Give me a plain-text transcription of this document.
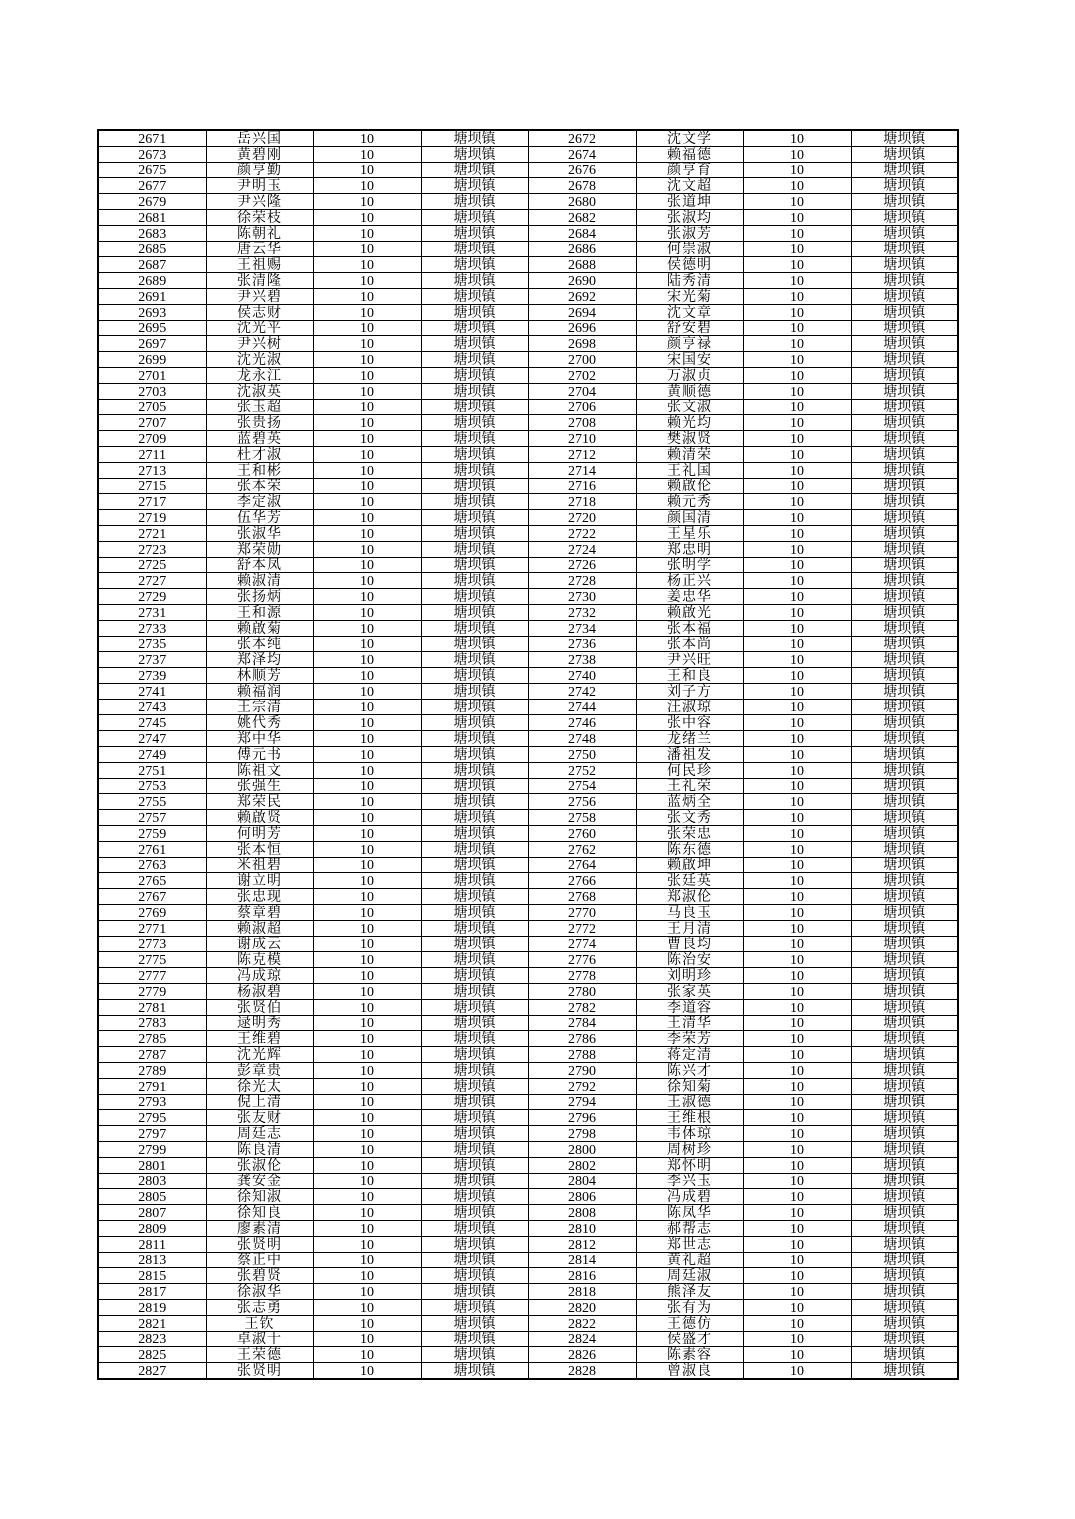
2671	岳兴国	10	塘坝镇	2672	沈文学	10	塘坝镇
2673	黄碧刚	10	塘坝镇	2674	赖福德	10	塘坝镇
2675	颜亨勤	10	塘坝镇	2676	颜亨育	10	塘坝镇
2677	尹明玉	10	塘坝镇	2678	沈文超	10	塘坝镇
2679	尹兴隆	10	塘坝镇	2680	张道坤	10	塘坝镇
2681	徐荣枝	10	塘坝镇	2682	张淑均	10	塘坝镇
2683	陈朝礼	10	塘坝镇	2684	张淑芳	10	塘坝镇
2685	唐云华	10	塘坝镇	2686	何崇淑	10	塘坝镇
2687	王祖赐	10	塘坝镇	2688	侯德明	10	塘坝镇
2689	张清隆	10	塘坝镇	2690	陆秀清	10	塘坝镇
2691	尹兴碧	10	塘坝镇	2692	宋光菊	10	塘坝镇
2693	侯志财	10	塘坝镇	2694	沈文章	10	塘坝镇
2695	沈光平	10	塘坝镇	2696	舒安碧	10	塘坝镇
2697	尹兴树	10	塘坝镇	2698	颜亨禄	10	塘坝镇
2699	沈光淑	10	塘坝镇	2700	宋国安	10	塘坝镇
2701	龙永江	10	塘坝镇	2702	万淑贞	10	塘坝镇
2703	沈淑英	10	塘坝镇	2704	黄顺德	10	塘坝镇
2705	张玉超	10	塘坝镇	2706	张文淑	10	塘坝镇
2707	张贵扬	10	塘坝镇	2708	赖光均	10	塘坝镇
2709	蓝碧英	10	塘坝镇	2710	樊淑贤	10	塘坝镇
2711	杜才淑	10	塘坝镇	2712	赖清荣	10	塘坝镇
2713	王和彬	10	塘坝镇	2714	王礼国	10	塘坝镇
2715	张本荣	10	塘坝镇	2716	赖啟伦	10	塘坝镇
2717	李定淑	10	塘坝镇	2718	赖元秀	10	塘坝镇
2719	伍华芳	10	塘坝镇	2720	颜国清	10	塘坝镇
2721	张淑华	10	塘坝镇	2722	王星乐	10	塘坝镇
2723	郑荣勋	10	塘坝镇	2724	郑忠明	10	塘坝镇
2725	舒本凤	10	塘坝镇	2726	张明学	10	塘坝镇
2727	赖淑清	10	塘坝镇	2728	杨正兴	10	塘坝镇
2729	张扬炳	10	塘坝镇	2730	姜忠华	10	塘坝镇
2731	王和源	10	塘坝镇	2732	赖啟光	10	塘坝镇
2733	赖啟菊	10	塘坝镇	2734	张本福	10	塘坝镇
2735	张本纯	10	塘坝镇	2736	张本尚	10	塘坝镇
2737	郑泽均	10	塘坝镇	2738	尹兴旺	10	塘坝镇
2739	林顺芳	10	塘坝镇	2740	王和良	10	塘坝镇
2741	赖福润	10	塘坝镇	2742	刘子方	10	塘坝镇
2743	王宗清	10	塘坝镇	2744	汪淑琼	10	塘坝镇
2745	姚代秀	10	塘坝镇	2746	张中容	10	塘坝镇
2747	郑中华	10	塘坝镇	2748	龙绪兰	10	塘坝镇
2749	傅元书	10	塘坝镇	2750	潘祖发	10	塘坝镇
2751	陈祖文	10	塘坝镇	2752	何民珍	10	塘坝镇
2753	张强生	10	塘坝镇	2754	王礼荣	10	塘坝镇
2755	郑荣民	10	塘坝镇	2756	蓝炳全	10	塘坝镇
2757	赖啟贤	10	塘坝镇	2758	张文秀	10	塘坝镇
2759	何明芳	10	塘坝镇	2760	张荣忠	10	塘坝镇
2761	张本恒	10	塘坝镇	2762	陈东德	10	塘坝镇
2763	米祖碧	10	塘坝镇	2764	赖啟坤	10	塘坝镇
2765	谢立明	10	塘坝镇	2766	张廷英	10	塘坝镇
2767	张忠现	10	塘坝镇	2768	郑淑伦	10	塘坝镇
2769	蔡章碧	10	塘坝镇	2770	马良玉	10	塘坝镇
2771	赖淑超	10	塘坝镇	2772	王月清	10	塘坝镇
2773	谢成云	10	塘坝镇	2774	曹良均	10	塘坝镇
2775	陈克模	10	塘坝镇	2776	陈治安	10	塘坝镇
2777	冯成琼	10	塘坝镇	2778	刘明珍	10	塘坝镇
2779	杨淑碧	10	塘坝镇	2780	张家英	10	塘坝镇
2781	张贤伯	10	塘坝镇	2782	李道容	10	塘坝镇
2783	逯明秀	10	塘坝镇	2784	王清华	10	塘坝镇
2785	王维碧	10	塘坝镇	2786	李荣芳	10	塘坝镇
2787	沈光辉	10	塘坝镇	2788	蒋定清	10	塘坝镇
2789	彭章贵	10	塘坝镇	2790	陈兴才	10	塘坝镇
2791	徐光太	10	塘坝镇	2792	徐知菊	10	塘坝镇
2793	倪上清	10	塘坝镇	2794	王淑德	10	塘坝镇
2795	张友财	10	塘坝镇	2796	王维根	10	塘坝镇
2797	周廷志	10	塘坝镇	2798	韦体琼	10	塘坝镇
2799	陈良清	10	塘坝镇	2800	周树珍	10	塘坝镇
2801	张淑伦	10	塘坝镇	2802	郑怀明	10	塘坝镇
2803	龚安金	10	塘坝镇	2804	李兴玉	10	塘坝镇
2805	徐知淑	10	塘坝镇	2806	冯成碧	10	塘坝镇
2807	徐知良	10	塘坝镇	2808	陈凤华	10	塘坝镇
2809	廖素清	10	塘坝镇	2810	郝帮志	10	塘坝镇
2811	张贤明	10	塘坝镇	2812	郑世志	10	塘坝镇
2813	蔡正中	10	塘坝镇	2814	黄礼超	10	塘坝镇
2815	张碧贤	10	塘坝镇	2816	周廷淑	10	塘坝镇
2817	徐淑华	10	塘坝镇	2818	熊泽友	10	塘坝镇
2819	张志勇	10	塘坝镇	2820	张有为	10	塘坝镇
2821	王钦	10	塘坝镇	2822	王德仿	10	塘坝镇
2823	卓淑十	10	塘坝镇	2824	侯盛才	10	塘坝镇
2825	王荣德	10	塘坝镇	2826	陈素容	10	塘坝镇
2827	张贤明	10	塘坝镇	2828	曾淑良	10	塘坝镇
